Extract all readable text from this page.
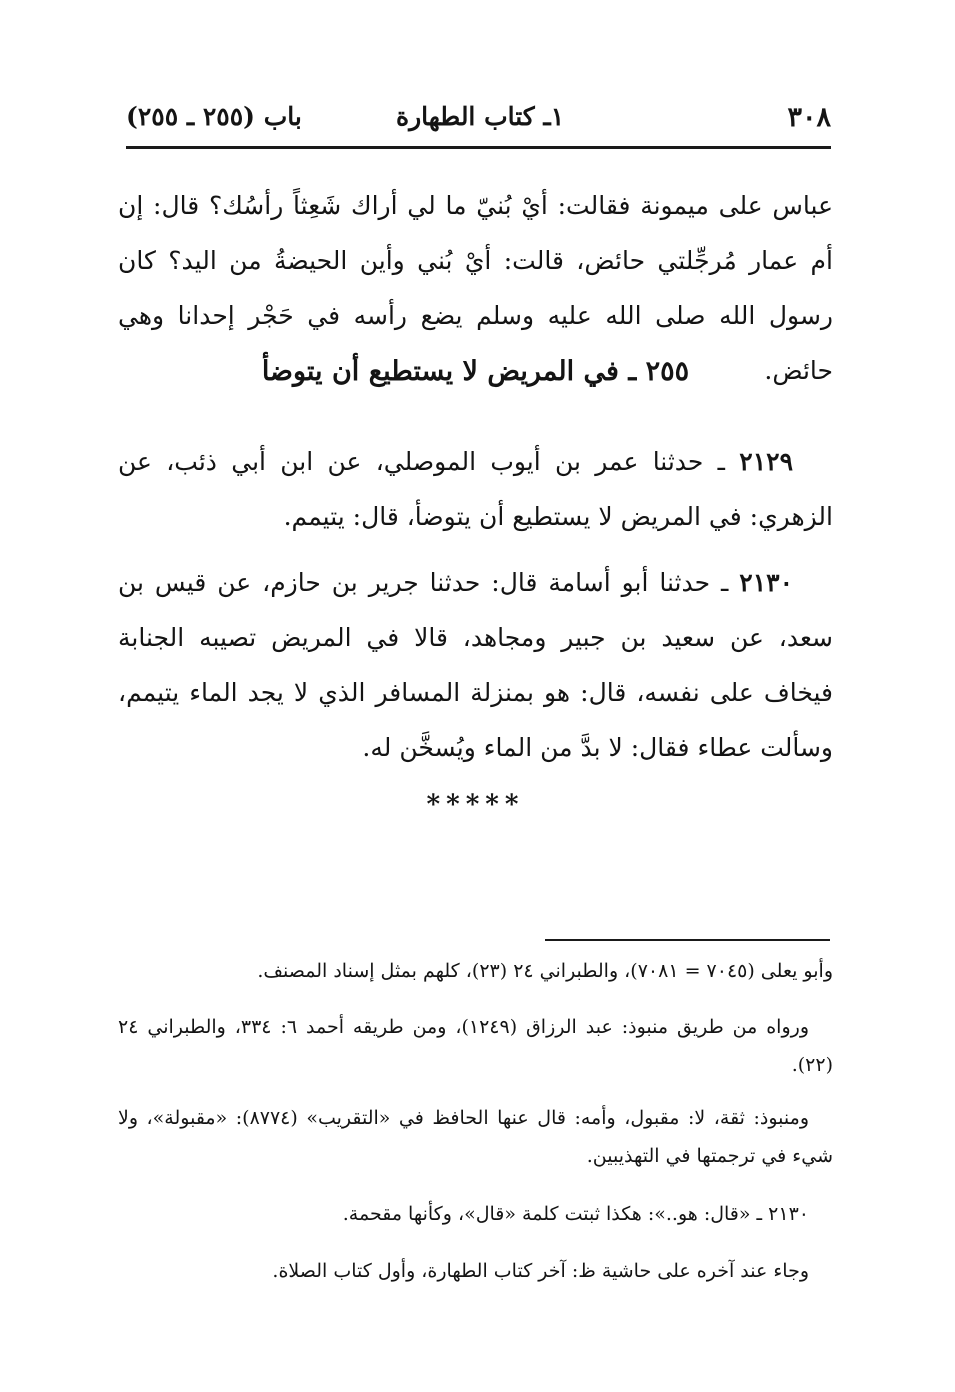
٣٠٨
١ـ كتاب الطهارة
باب (٢٥٥ ـ ٢٥٥)

عباس على ميمونة فقالت: أيْ بُنيّ ما لي أراك شَعِثاً رأسُك؟ قال: إن أم عمار مُرجِّلتي حائض، قالت: أيْ بُني وأين الحيضةُ من اليد؟ كان رسول الله صلى الله عليه وسلم يضع رأسه في حَجْر إحدانا وهي حائض.

٢٥٥ ـ في المريض لا يستطيع أن يتوضأ

٢١٢٩ ـ حدثنا عمر بن أيوب الموصلي، عن ابن أبي ذئب، عن الزهري: في المريض لا يستطيع أن يتوضأ، قال: يتيمم.

٢١٣٠ ـ حدثنا أبو أسامة قال: حدثنا جرير بن حازم، عن قيس بن سعد، عن سعيد بن جبير ومجاهد، قالا في المريض تصيبه الجنابة فيخاف على نفسه، قال: هو بمنزلة المسافر الذي لا يجد الماء يتيمم، وسألت عطاء فقال: لا بدَّ من الماء ويُسخَّن له.

*****

وأبو يعلى (٧٠٤٥ = ٧٠٨١)، والطبراني ٢٤ (٢٣)، كلهم بمثل إسناد المصنف.

ورواه من طريق منبوذ: عبد الرزاق (١٢٤٩)، ومن طريقه أحمد ٦: ٣٣٤، والطبراني ٢٤ (٢٢).

ومنبوذ: ثقة، لا: مقبول، وأمه: قال عنها الحافظ في «التقريب» (٨٧٧٤): «مقبولة»، ولا شيء في ترجمتها في التهذيبين.

٢١٣٠ ـ «قال: هو..»: هكذا ثبتت كلمة «قال»، وكأنها مقحمة.

وجاء عند آخره على حاشية ظ: آخر كتاب الطهارة، وأول كتاب الصلاة.
